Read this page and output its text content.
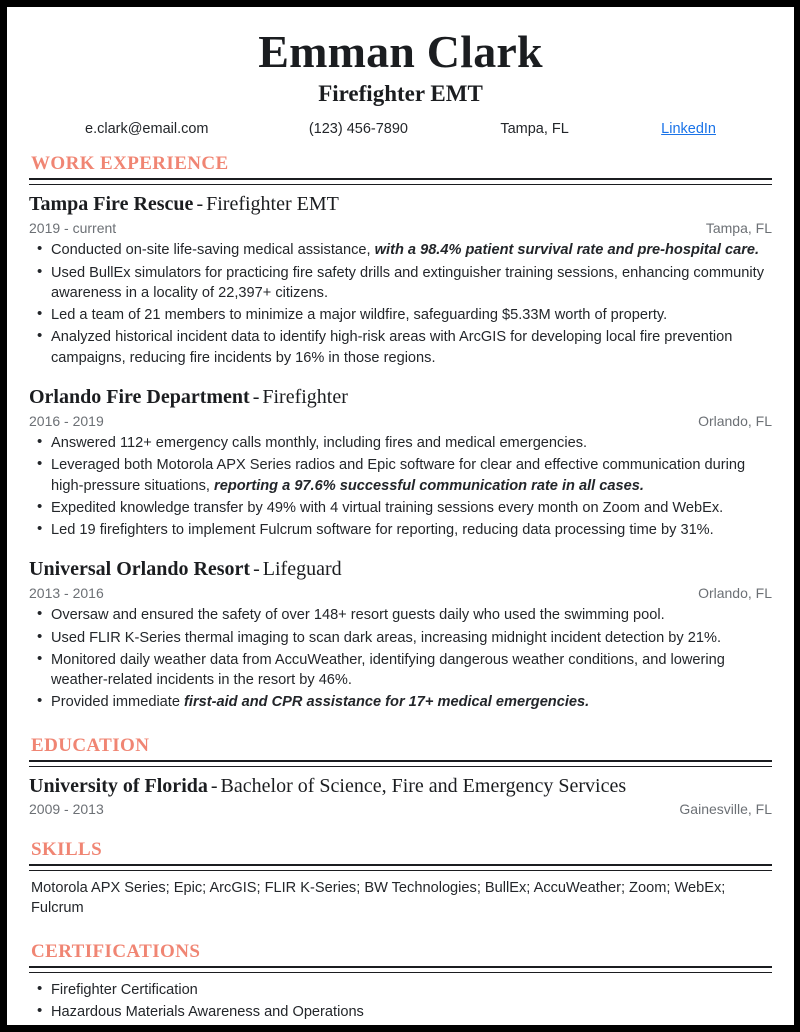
Emman Clark
Firefighter EMT
e.clark@email.com	(123) 456-7890	Tampa, FL	LinkedIn
WORK EXPERIENCE
Tampa Fire Rescue - Firefighter EMT
2019 - current	Tampa, FL
• Conducted on-site life-saving medical assistance, with a 98.4% patient survival rate and pre-hospital care.
• Used BullEx simulators for practicing fire safety drills and extinguisher training sessions, enhancing community awareness in a locality of 22,397+ citizens.
• Led a team of 21 members to minimize a major wildfire, safeguarding $5.33M worth of property.
• Analyzed historical incident data to identify high-risk areas with ArcGIS for developing local fire prevention campaigns, reducing fire incidents by 16% in those regions.
Orlando Fire Department - Firefighter
2016 - 2019	Orlando, FL
• Answered 112+ emergency calls monthly, including fires and medical emergencies.
• Leveraged both Motorola APX Series radios and Epic software for clear and effective communication during high-pressure situations, reporting a 97.6% successful communication rate in all cases.
• Expedited knowledge transfer by 49% with 4 virtual training sessions every month on Zoom and WebEx.
• Led 19 firefighters to implement Fulcrum software for reporting, reducing data processing time by 31%.
Universal Orlando Resort - Lifeguard
2013 - 2016	Orlando, FL
• Oversaw and ensured the safety of over 148+ resort guests daily who used the swimming pool.
• Used FLIR K-Series thermal imaging to scan dark areas, increasing midnight incident detection by 21%.
• Monitored daily weather data from AccuWeather, identifying dangerous weather conditions, and lowering weather-related incidents in the resort by 46%.
• Provided immediate first-aid and CPR assistance for 17+ medical emergencies.
EDUCATION
University of Florida - Bachelor of Science, Fire and Emergency Services
2009 - 2013	Gainesville, FL
SKILLS
Motorola APX Series; Epic; ArcGIS; FLIR K-Series; BW Technologies; BullEx; AccuWeather; Zoom; WebEx; Fulcrum
CERTIFICATIONS
• Firefighter Certification
• Hazardous Materials Awareness and Operations
